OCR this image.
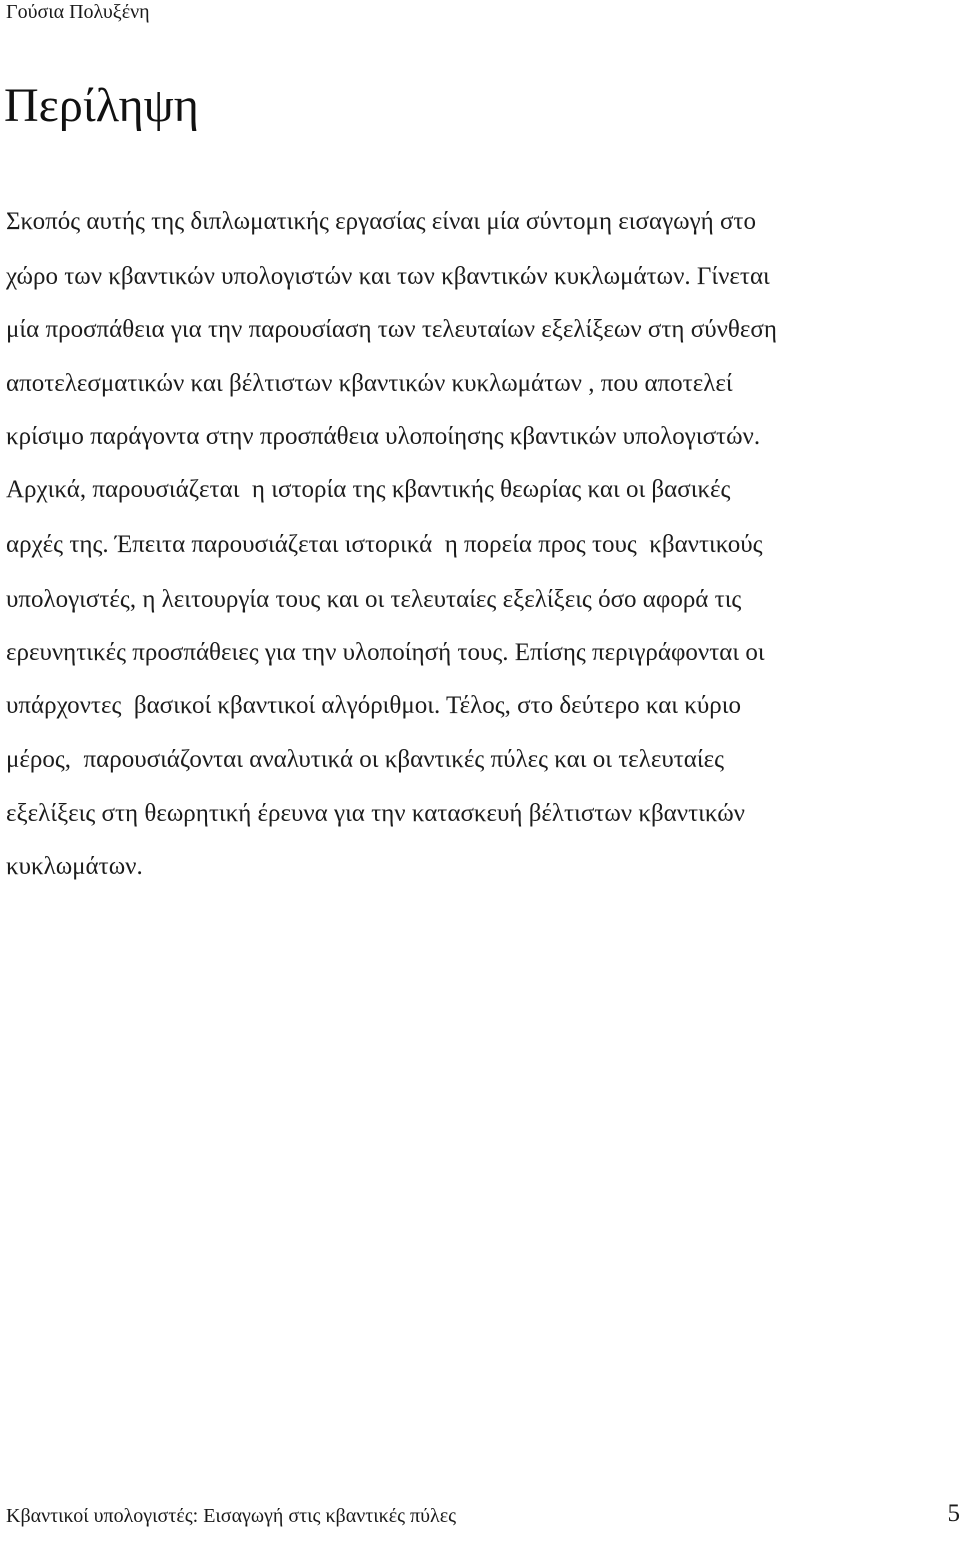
Γούσια Πολυξένη
Περίληψη
Σκοπός αυτής της διπλωματικής εργασίας είναι μία σύντομη εισαγωγή στο
χώρο των κβαντικών υπολογιστών και των κβαντικών κυκλωμάτων. Γίνεται
μία προσπάθεια για την παρουσίαση των τελευταίων εξελίξεων στη σύνθεση
αποτελεσματικών και βέλτιστων κβαντικών κυκλωμάτων , που αποτελεί
κρίσιμο παράγοντα στην προσπάθεια υλοποίησης κβαντικών υπολογιστών.
Αρχικά, παρουσιάζεται  η ιστορία της κβαντικής θεωρίας και οι βασικές
αρχές της. Έπειτα παρουσιάζεται ιστορικά  η πορεία προς τους  κβαντικούς
υπολογιστές, η λειτουργία τους και οι τελευταίες εξελίξεις όσο αφορά τις
ερευνητικές προσπάθειες για την υλοποίησή τους. Επίσης περιγράφονται οι
υπάρχοντες  βασικοί κβαντικοί αλγόριθμοι. Τέλος, στο δεύτερο και κύριο
μέρος,  παρουσιάζονται αναλυτικά οι κβαντικές πύλες και οι τελευταίες
εξελίξεις στη θεωρητική έρευνα για την κατασκευή βέλτιστων κβαντικών
κυκλωμάτων.
Κβαντικοί υπολογιστές: Εισαγωγή στις κβαντικές πύλες	5
